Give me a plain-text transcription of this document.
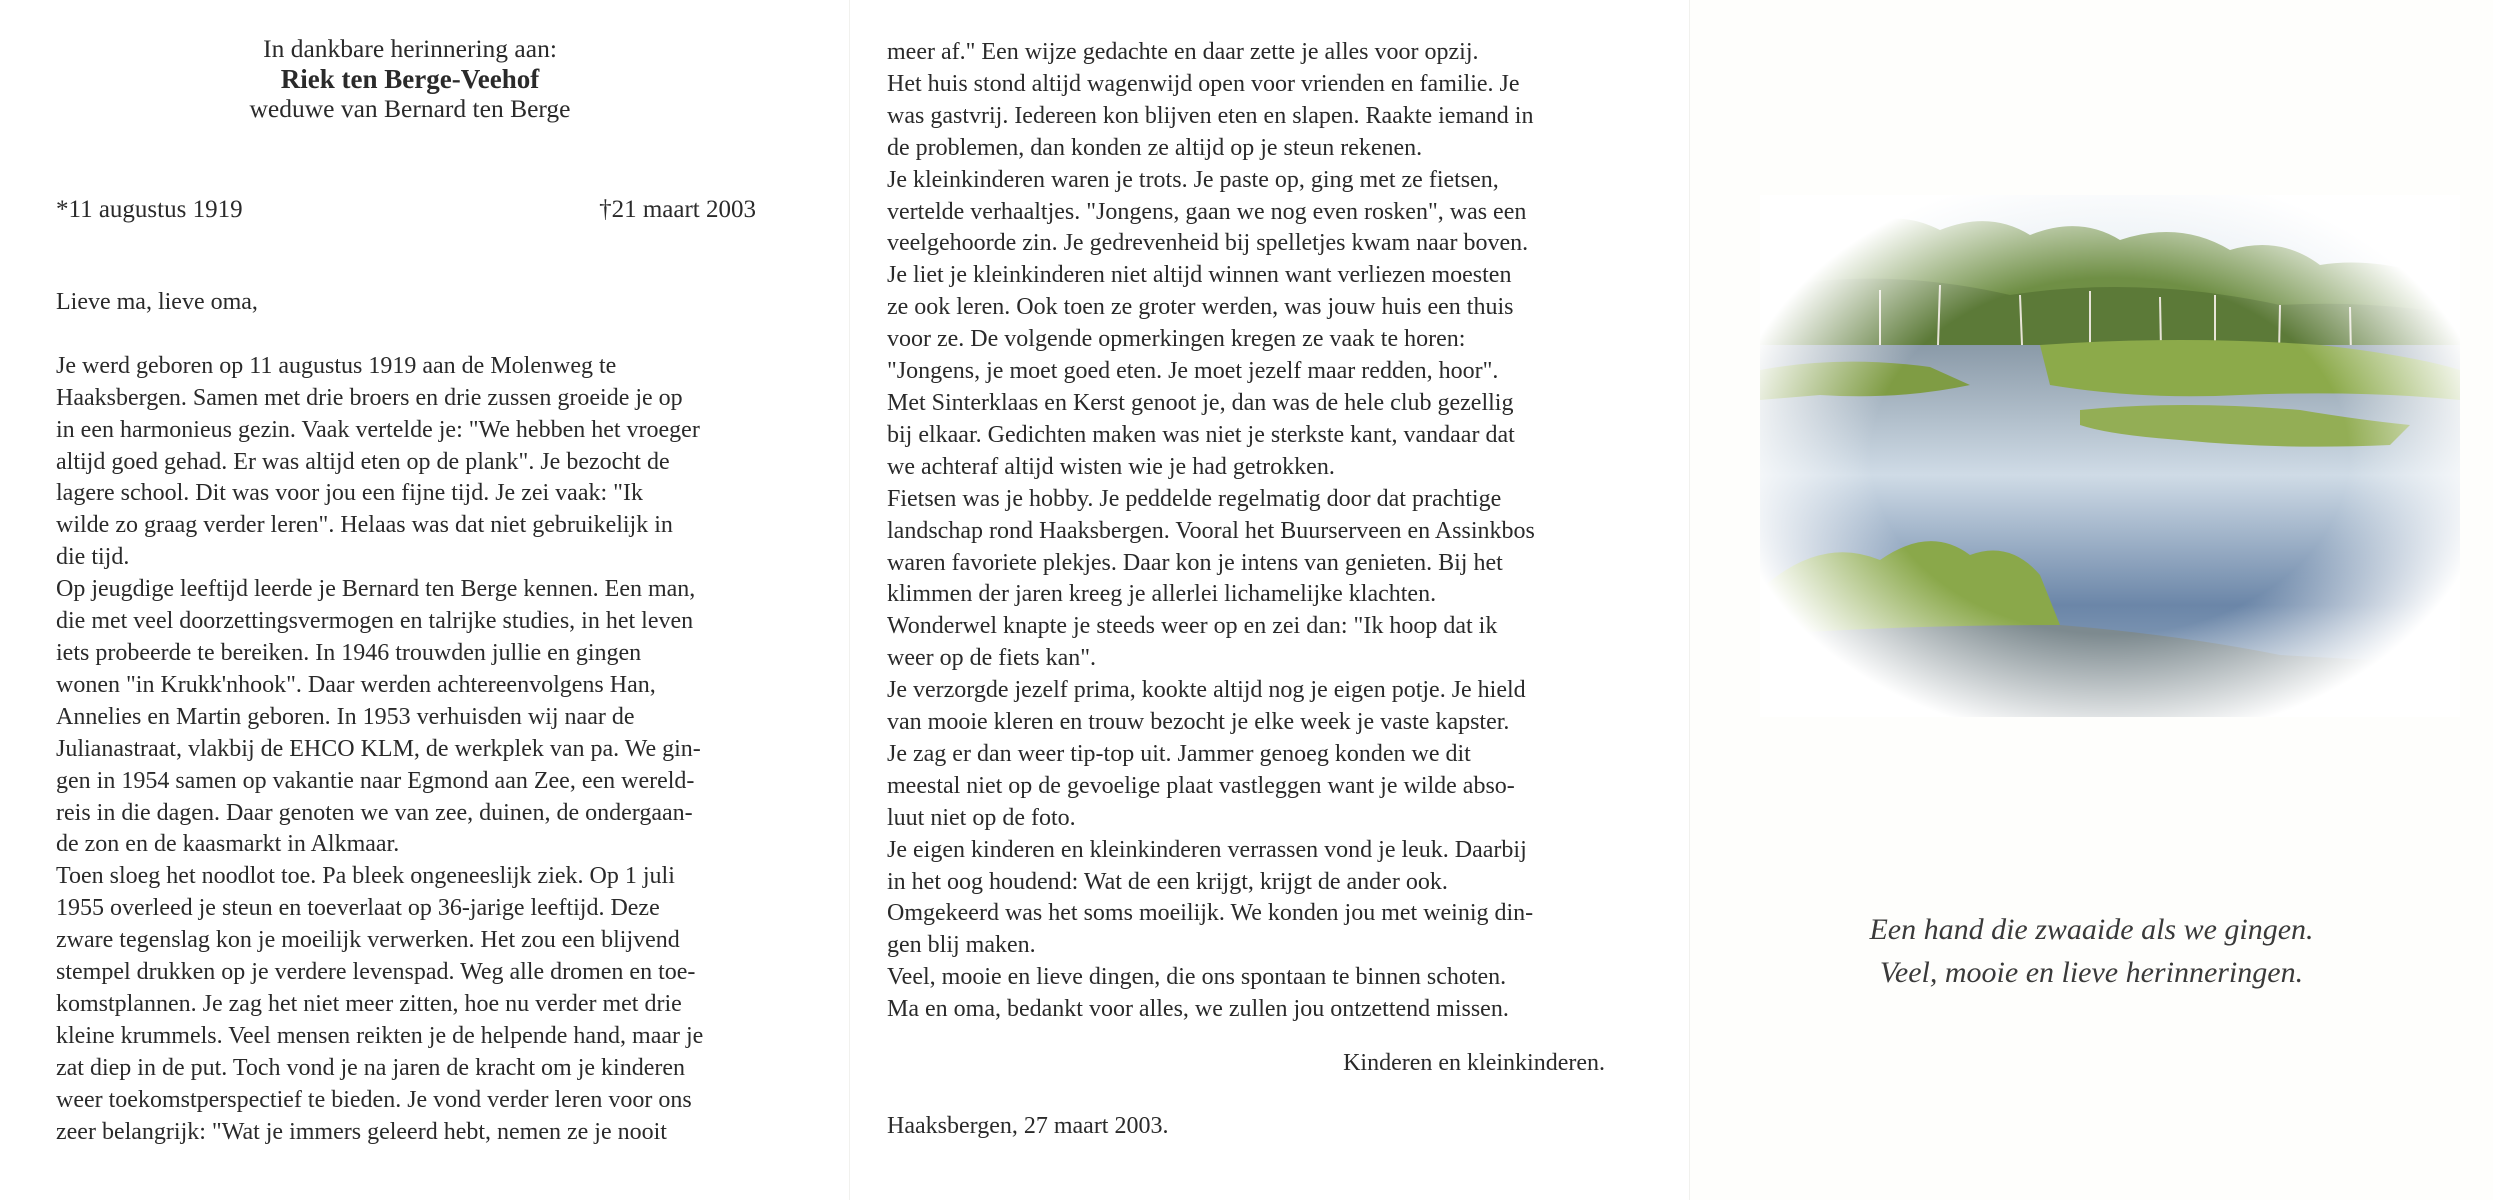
In dankbare herinnering aan:
Riek ten Berge-Veehof
weduwe van Bernard ten Berge
*11 augustus 1919	†21 maart 2003
Lieve ma, lieve oma,

Je werd geboren op 11 augustus 1919 aan de Molenweg te
Haaksbergen. Samen met drie broers en drie zussen groeide je op
in een harmonieus gezin. Vaak vertelde je: "We hebben het vroeger
altijd goed gehad. Er was altijd eten op de plank". Je bezocht de
lagere school. Dit was voor jou een fijne tijd. Je zei vaak: "Ik
wilde zo graag verder leren". Helaas was dat niet gebruikelijk in
die tijd.
Op jeugdige leeftijd leerde je Bernard ten Berge kennen. Een man,
die met veel doorzettingsvermogen en talrijke studies, in het leven
iets probeerde te bereiken. In 1946 trouwden jullie en gingen
wonen "in Krukk'nhook". Daar werden achtereenvolgens Han,
Annelies en Martin geboren. In 1953 verhuisden wij naar de
Julianastraat, vlakbij de EHCO KLM, de werkplek van pa. We gin-
gen in 1954 samen op vakantie naar Egmond aan Zee, een wereld-
reis in die dagen. Daar genoten we van zee, duinen, de ondergaan-
de zon en de kaasmarkt in Alkmaar.
Toen sloeg het noodlot toe. Pa bleek ongeneeslijk ziek. Op 1 juli
1955 overleed je steun en toeverlaat op 36-jarige leeftijd. Deze
zware tegenslag kon je moeilijk verwerken. Het zou een blijvend
stempel drukken op je verdere levenspad. Weg alle dromen en toe-
komstplannen. Je zag het niet meer zitten, hoe nu verder met drie
kleine krummels. Veel mensen reikten je de helpende hand, maar je
zat diep in de put. Toch vond je na jaren de kracht om je kinderen
weer toekomstperspectief te bieden. Je vond verder leren voor ons
zeer belangrijk: "Wat je immers geleerd hebt, nemen ze je nooit
meer af." Een wijze gedachte en daar zette je alles voor opzij.
Het huis stond altijd wagenwijd open voor vrienden en familie. Je
was gastvrij. Iedereen kon blijven eten en slapen. Raakte iemand in
de problemen, dan konden ze altijd op je steun rekenen.
Je kleinkinderen waren je trots. Je paste op, ging met ze fietsen,
vertelde verhaaltjes. "Jongens, gaan we nog even rosken", was een
veelgehoorde zin. Je gedrevenheid bij spelletjes kwam naar boven.
Je liet je kleinkinderen niet altijd winnen want verliezen moesten
ze ook leren. Ook toen ze groter werden, was jouw huis een thuis
voor ze. De volgende opmerkingen kregen ze vaak te horen:
"Jongens, je moet goed eten. Je moet jezelf maar redden, hoor".
Met Sinterklaas en Kerst genoot je, dan was de hele club gezellig
bij elkaar. Gedichten maken was niet je sterkste kant, vandaar dat
we achteraf altijd wisten wie je had getrokken.
Fietsen was je hobby. Je peddelde regelmatig door dat prachtige
landschap rond Haaksbergen. Vooral het Buurserveen en Assinkbos
waren favoriete plekjes. Daar kon je intens van genieten. Bij het
klimmen der jaren kreeg je allerlei lichamelijke klachten.
Wonderwel knapte je steeds weer op en zei dan: "Ik hoop dat ik
weer op de fiets kan".
Je verzorgde jezelf prima, kookte altijd nog je eigen potje. Je hield
van mooie kleren en trouw bezocht je elke week je vaste kapster.
Je zag er dan weer tip-top uit. Jammer genoeg konden we dit
meestal niet op de gevoelige plaat vastleggen want je wilde abso-
luut niet op de foto.
Je eigen kinderen en kleinkinderen verrassen vond je leuk. Daarbij
in het oog houdend: Wat de een krijgt, krijgt de ander ook.
Omgekeerd was het soms moeilijk. We konden jou met weinig din-
gen blij maken.
Veel, mooie en lieve dingen, die ons spontaan te binnen schoten.
Ma en oma, bedankt voor alles, we zullen jou ontzettend missen.
Kinderen en kleinkinderen.
Haaksbergen, 27 maart 2003.
Een hand die zwaaide als we gingen.
Veel, mooie en lieve herinneringen.
